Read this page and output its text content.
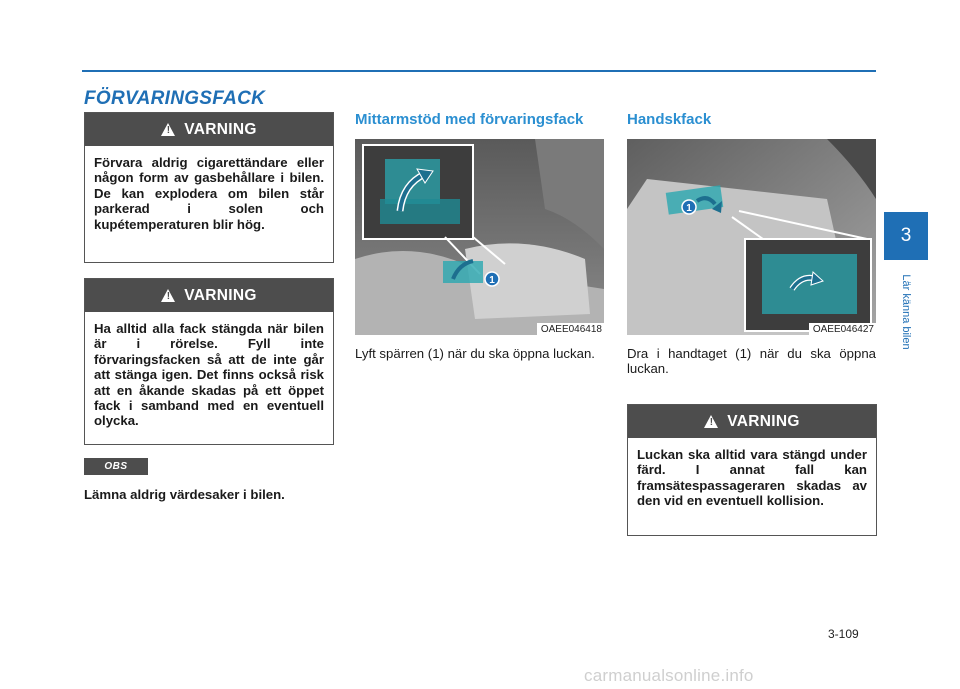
FÖRVARINGSFACK
! VARNING
Förvara aldrig cigarettändare eller någon form av gasbehållare i bilen. De kan explodera om bilen står parkerad i solen och kupétemperaturen blir hög.
! VARNING
Ha alltid alla fack stängda när bilen är i rörelse. Fyll inte förvaringsfacken så att de inte går att stänga igen. Det finns också risk att en åkande skadas på ett öppet fack i samband med en eventuell olycka.
OBS
Lämna aldrig värdesaker i bilen.
Mittarmstöd med förvaringsfack
1
OAEE046418
Lyft spärren (1) när du ska öppna luckan.
Handskfack
1
OAEE046427
Dra i handtaget (1) när du ska öppna luckan.
! VARNING
Luckan ska alltid vara stängd under färd. I annat fall kan framsätespassageraren skadas av den vid en eventuell kollision.
3
Lär känna bilen
3-109
carmanualsonline.info
